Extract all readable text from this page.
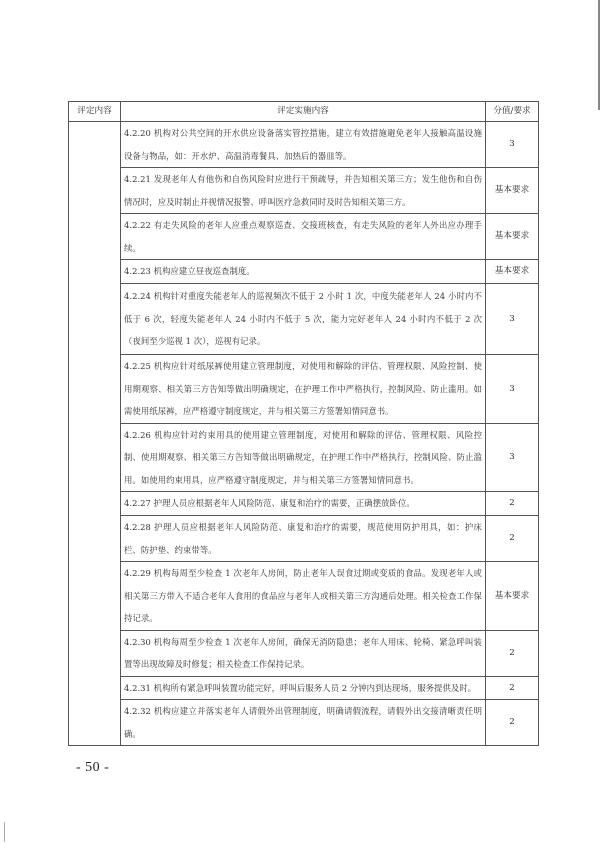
评定内容	评定实施内容	分值/要求
	4.2.20 机构对公共空间的开水供应设备落实管控措施，建立有效措施避免老年人接触高温设施设备与物品，如：开水炉、高温消毒餐具、加热后的器皿等。	3
	4.2.21 发现老年人有他伤和自伤风险时应进行干预疏导，并告知相关第三方；发生他伤和自伤情况时，应及时制止并视情况报警、呼叫医疗急救同时及时告知相关第三方。	基本要求
	4.2.22 有走失风险的老年人应重点观察巡查、交接班核查，有走失风险的老年人外出应办理手续。	基本要求
	4.2.23 机构应建立昼夜巡查制度。	基本要求
	4.2.24 机构针对重度失能老年人的巡视频次不低于 2 小时 1 次，中度失能老年人 24 小时内不低于 6 次，轻度失能老年人 24 小时内不低于 5 次，能力完好老年人 24 小时内不低于 2 次（夜间至少巡视 1 次），巡视有记录。	3
	4.2.25 机构应针对纸尿裤使用建立管理制度，对使用和解除的评估、管理权限、风险控制、使用期观察、相关第三方告知等做出明确规定，在护理工作中严格执行，控制风险、防止滥用。如需使用纸尿裤，应严格遵守制度规定，并与相关第三方签署知情同意书。	3
	4.2.26 机构应针对约束用具的使用建立管理制度，对使用和解除的评估、管理权限、风险控制、使用期观察、相关第三方告知等做出明确规定，在护理工作中严格执行，控制风险、防止滥用。如使用约束用具，应严格遵守制度规定，并与相关第三方签署知情同意书。	3
	4.2.27 护理人员应根据老年人风险防范、康复和治疗的需要，正确摆放卧位。	2
	4.2.28 护理人员应根据老年人风险防范、康复和治疗的需要，规范使用防护用具，如：护床栏、防护垫、约束带等。	2
	4.2.29 机构每周至少检查 1 次老年人房间，防止老年人误食过期或变质的食品。发现老年人或相关第三方带入不适合老年人食用的食品应与老年人或相关第三方沟通后处理。相关检查工作保持记录。	基本要求
	4.2.30 机构每周至少检查 1 次老年人房间，确保无消防隐患；老年人用床、轮椅、紧急呼叫装置等出现故障及时修复；相关检查工作保持记录。	2
	4.2.31 机构所有紧急呼叫装置功能完好，呼叫后服务人员 2 分钟内到达现场，服务提供及时。	2
	4.2.32 机构应建立并落实老年人请假外出管理制度，明确请假流程，请假外出交接清晰责任明确。	2
- 50 -
